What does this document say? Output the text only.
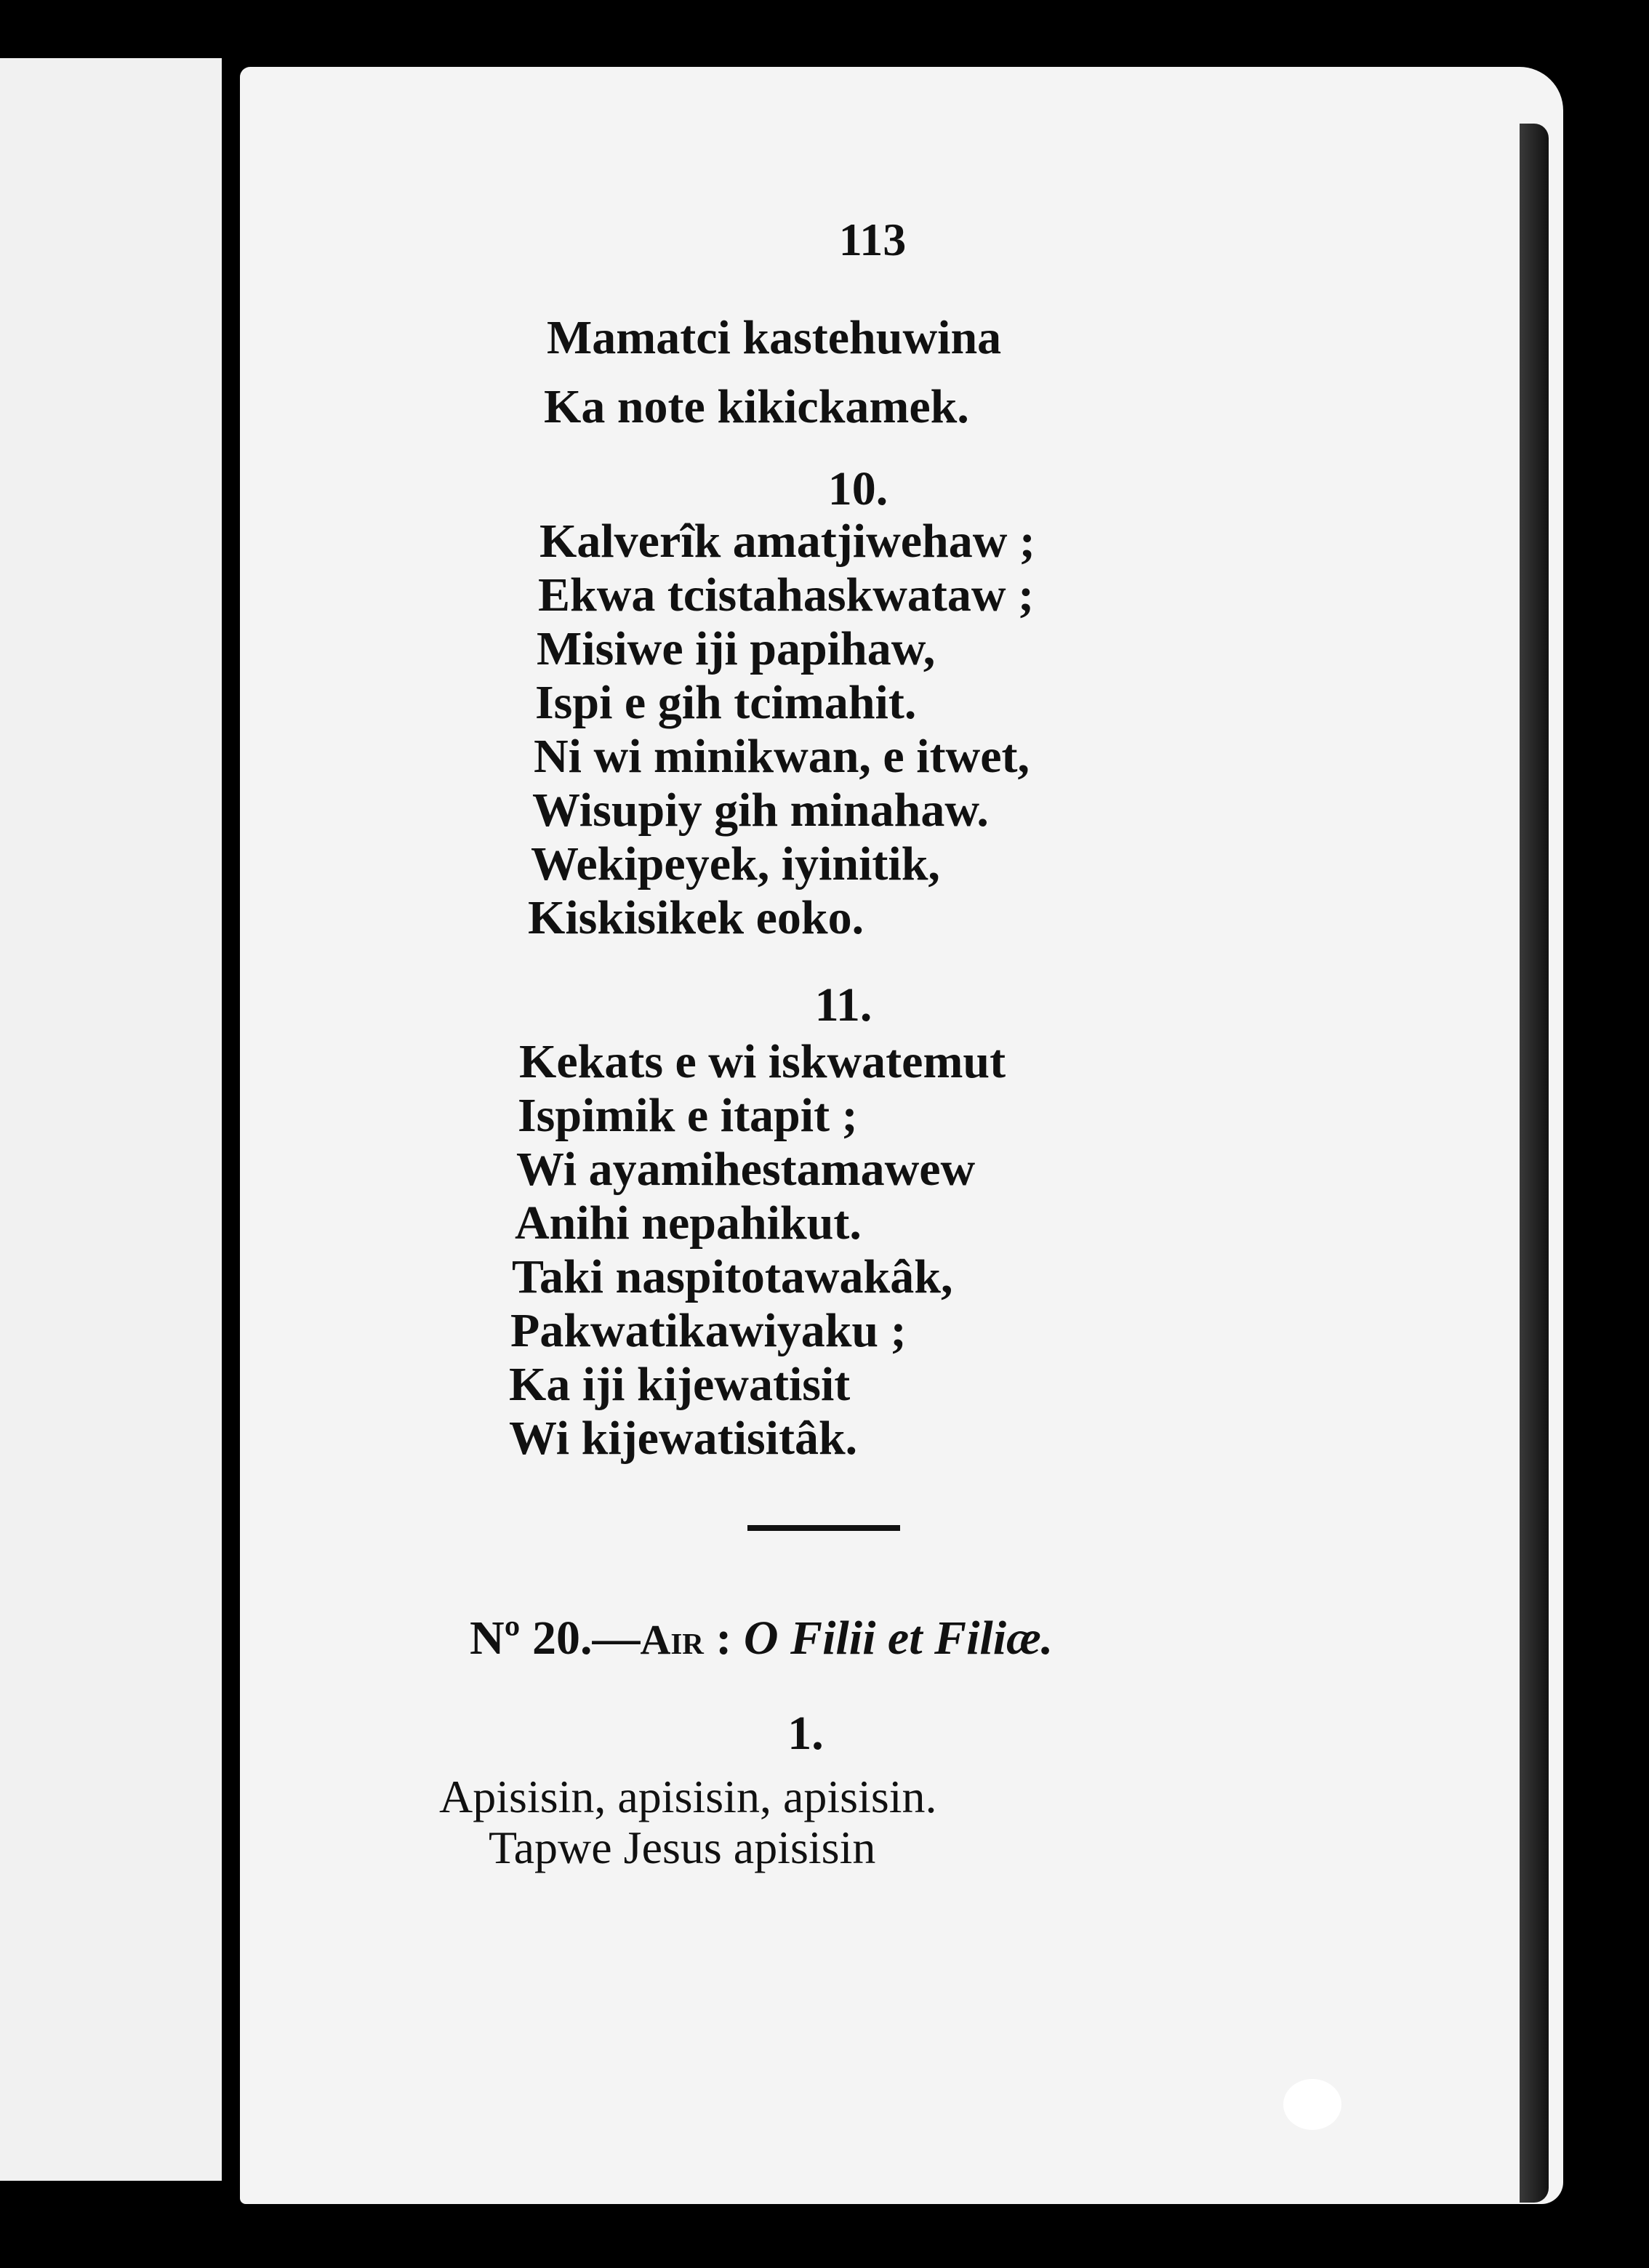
113
Mamatci kastehuwina
Ka note kikickamek.
10.
Kalverîk amatjiwehaw ;
Ekwa tcistahaskwataw ;
Misiwe iji papihaw,
Ispi e gih tcimahit.
Ni wi minikwan, e itwet,
Wisupiy gih minahaw.
Wekipeyek, iyinitik,
Kiskisikek eoko.
11.
Kekats e wi iskwatemut
Ispimik e itapit ;
Wi ayamihestamawew
Anihi nepahikut.
Taki naspitotawakâk,
Pakwatikawiyaku ;
Ka iji kijewatisit
Wi kijewatisitâk.
Nº 20.—Air : O Filii et Filiæ.
1.
Apisisin, apisisin, apisisin.
Tapwe Jesus apisisin
